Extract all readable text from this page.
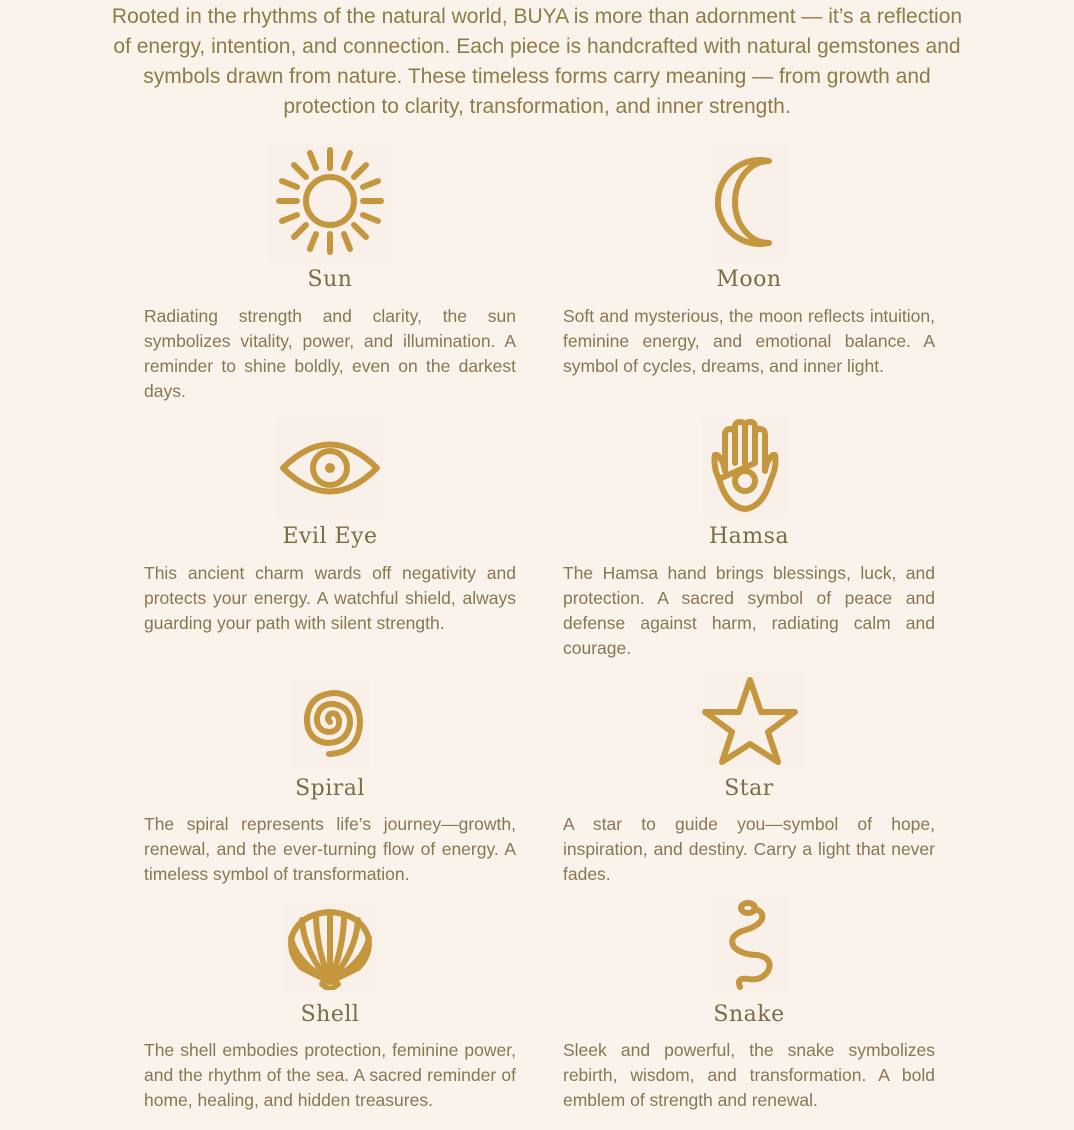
Rooted in the rhythms of the natural world, BUYA is more than adornment — it’s a reflection of energy, intention, and connection. Each piece is handcrafted with natural gemstones and symbols drawn from nature. These timeless forms carry meaning — from growth and protection to clarity, transformation, and inner strength.

Sun

Radiating strength and clarity, the sun symbolizes vitality, power, and illumination. A reminder to shine boldly, even on the darkest days.

Moon

Soft and mysterious, the moon reflects intuition, feminine energy, and emotional balance. A symbol of cycles, dreams, and inner light.

Evil Eye

This ancient charm wards off negativity and protects your energy. A watchful shield, always guarding your path with silent strength.

Hamsa

The Hamsa hand brings blessings, luck, and protection. A sacred symbol of peace and defense against harm, radiating calm and courage.

Spiral

The spiral represents life’s journey—growth, renewal, and the ever-turning flow of energy. A timeless symbol of transformation.

Star

A star to guide you—symbol of hope, inspiration, and destiny. Carry a light that never fades.

Shell

The shell embodies protection, feminine power, and the rhythm of the sea. A sacred reminder of home, healing, and hidden treasures.

Snake

Sleek and powerful, the snake symbolizes rebirth, wisdom, and transformation. A bold emblem of strength and renewal.
